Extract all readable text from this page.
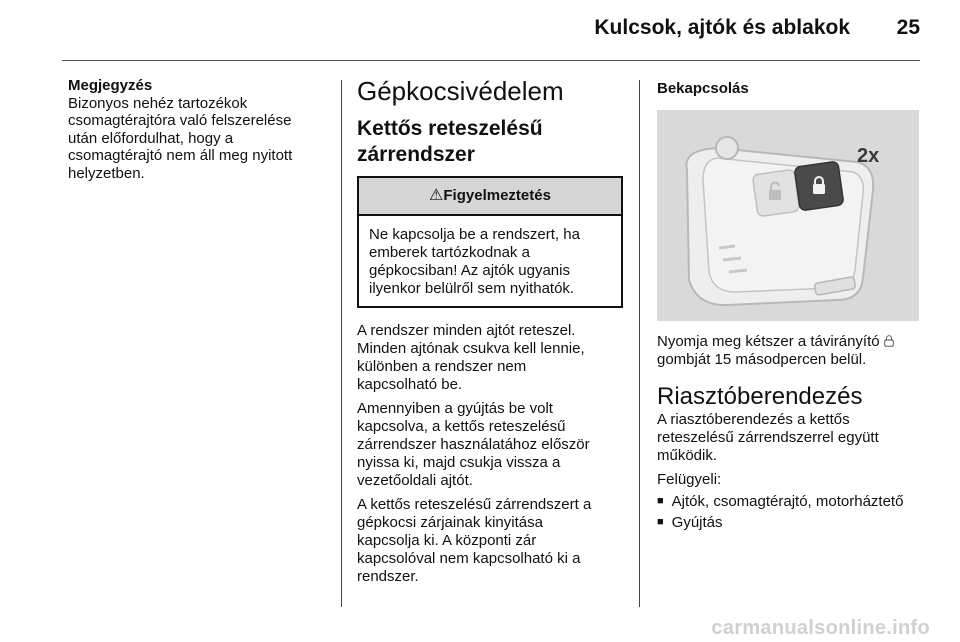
Kulcsok, ajtók és ablakok	25
Megjegyzés
Bizonyos nehéz tartozékok
csomagtérajtóra való felszerelése
után előfordulhat, hogy a
csomagtérajtó nem áll meg nyitott
helyzetben.
Gépkocsivédelem
Kettős reteszelésű
zárrendszer
⚠Figyelmeztetés
Ne kapcsolja be a rendszert, ha
emberek tartózkodnak a
gépkocsiban! Az ajtók ugyanis
ilyenkor belülről sem nyithatók.
A rendszer minden ajtót reteszel.
Minden ajtónak csukva kell lennie,
különben a rendszer nem
kapcsolható be.
Amennyiben a gyújtás be volt
kapcsolva, a kettős reteszelésű
zárrendszer használatához először
nyissa ki, majd csukja vissza a
vezetőoldali ajtót.
A kettős reteszelésű zárrendszert a
gépkocsi zárjainak kinyitása
kapcsolja ki. A központi zár
kapcsolóval nem kapcsolható ki a
rendszer.
Bekapcsolás
2x
Nyomja meg kétszer a távirányító
gombját 15 másodpercen belül.
Riasztóberendezés
A riasztóberendezés a kettős
reteszelésű zárrendszerrel együtt
működik.
Felügyeli:
■ Ajtók, csomagtérajtó, motorháztető
■ Gyújtás
carmanualsonline.info
